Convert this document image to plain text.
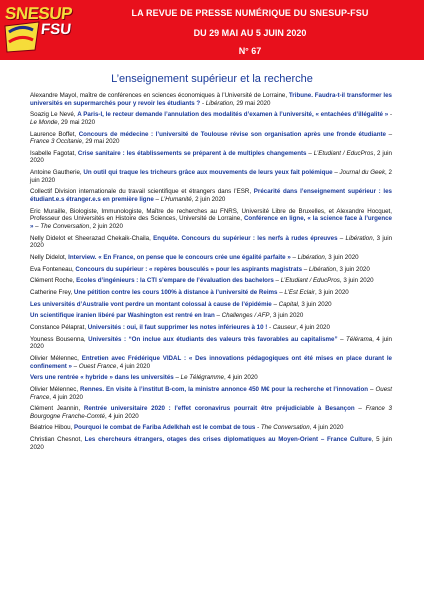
SNESUP
FSU
LA REVUE DE PRESSE NUMÉRIQUE DU SNESUP-FSU
DU 29 MAI AU 5 JUIN 2020
N° 67
L’enseignement supérieur et la recherche
Alexandre Mayol, maître de conférences en sciences économiques à l’Université de Lorraine, Tribune. Faudra-t-il transformer les universités en supermarchés pour y revoir les étudiants ? - Libération, 29 mai 2020
Soazig Le Nevé, A Paris-I, le recteur demande l’annulation des modalités d’examen à l’université, « entachées d’illégalité » - Le Monde, 29 mai 2020
Laurence Boffet, Concours de médecine : l’université de Toulouse révise son organisation après une fronde étudiante – France 3 Occitanie, 29 mai 2020
Isabelle Fagotat, Crise sanitaire : les établissements se préparent à de multiples changements – L’Etudiant / EducPros, 2 juin 2020
Antoine Gautherie, Un outil qui traque les tricheurs grâce aux mouvements de leurs yeux fait polémique – Journal du Geek, 2 juin 2020
Collectif Division internationale du travail scientifique et étrangers dans l’ESR, Précarité dans l’enseignement supérieur : les étudiant.e.s étranger.e.s en première ligne – L’Humanité, 2 juin 2020
Eric Muraille, Biologiste, Immunologiste, Maître de recherches au FNRS, Université Libre de Bruxelles, et Alexandre Hocquet, Professeur des Universités en Histoire des Sciences, Université de Lorraine, Conférence en ligne, « la science face à l’urgence » – The Conversation, 2 juin 2020
Nelly Didelot et Sheerazad Chekaik-Chaila, Enquête. Concours du supérieur : les nerfs à rudes épreuves – Libération, 3 juin 2020
Nelly Didelot, Interview. « En France, on pense que le concours crée une égalité parfaite » – Libération, 3 juin 2020
Eva Fonteneau, Concours du supérieur : « repères bousculés » pour les aspirants magistrats – Libération, 3 juin 2020
Clément Roche, Ecoles d’ingénieurs : la CTI s’empare de l’évaluation des bachelors – L’Etudiant / EducPros, 3 juin 2020
Catherine Frey, Une pétition contre les cours 100% à distance à l’université de Reims – L’Est Eclair, 3 juin 2020
Les universités d’Australie vont perdre un montant colossal à cause de l’épidémie – Capital, 3 juin 2020
Un scientifique iranien libéré par Washington est rentré en Iran – Challenges / AFP, 3 juin 2020
Constance Pélaprat, Universités : oui, il faut supprimer les notes inférieures à 10 ! - Causeur, 4 juin 2020
Youness Bousenna, Universités : “On inclue aux étudiants des valeurs très favorables au capitalisme” – Télérama, 4 juin 2020
Olivier Mélennec, Entretien avec Frédérique VIDAL : « Des innovations pédagogiques ont été mises en place durant le confinement » – Ouest France, 4 juin 2020
Vers une rentrée « hybride » dans les universités – Le Télégramme, 4 juin 2020
Olivier Mélennec, Rennes. En visite à l’institut B-com, la ministre annonce 450 M€ pour la recherche et l’innovation – Ouest France, 4 juin 2020
Clément Jeannin, Rentrée universitaire 2020 : l’effet coronavirus pourrait être préjudiciable à Besançon – France 3 Bourgogne Franche-Comté, 4 juin 2020
Béatrice Hibou, Pourquoi le combat de Fariba Adelkhah est le combat de tous - The Conversation, 4 juin 2020
Christian Chesnot, Les chercheurs étrangers, otages des crises diplomatiques au Moyen-Orient – France Culture, 5 juin 2020
